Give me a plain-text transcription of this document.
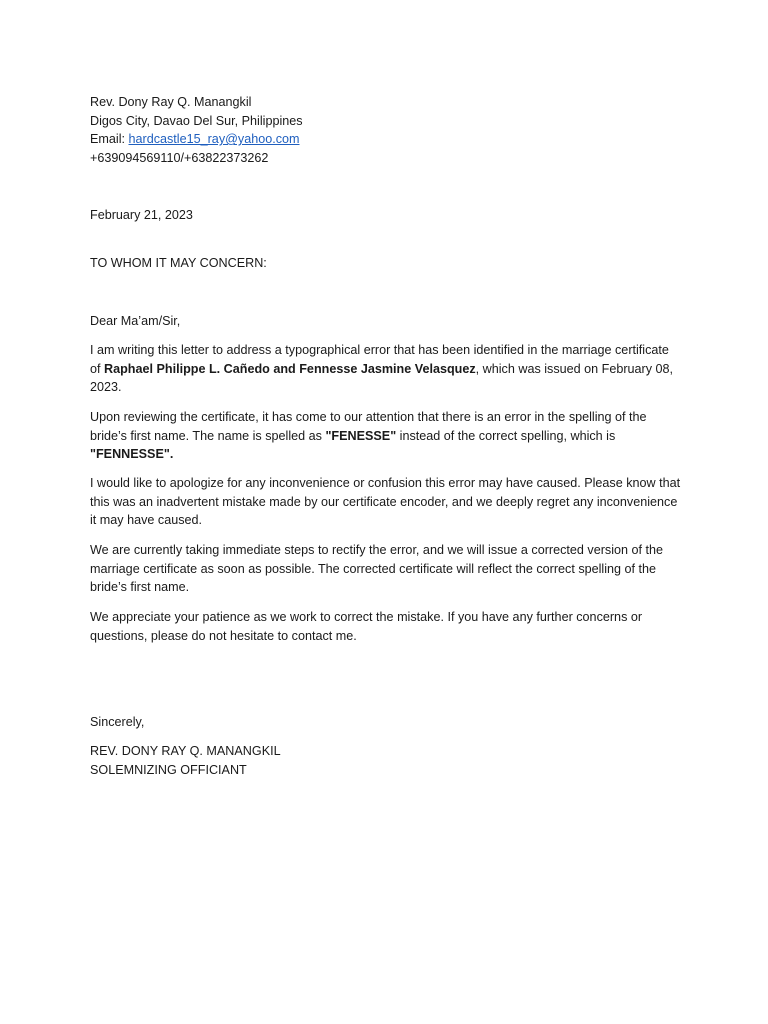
Rev. Dony Ray Q. Manangkil
Digos City, Davao Del Sur, Philippines
Email: hardcastle15_ray@yahoo.com
+639094569110/+63822373262
February 21, 2023
TO WHOM IT MAY CONCERN:
Dear Ma’am/Sir,
I am writing this letter to address a typographical error that has been identified in the marriage certificate of Raphael Philippe L. Cañedo and Fennesse Jasmine Velasquez, which was issued on February 08, 2023.
Upon reviewing the certificate, it has come to our attention that there is an error in the spelling of the bride’s first name. The name is spelled as "FENESSE" instead of the correct spelling, which is "FENNESSE".
I would like to apologize for any inconvenience or confusion this error may have caused. Please know that this was an inadvertent mistake made by our certificate encoder, and we deeply regret any inconvenience it may have caused.
We are currently taking immediate steps to rectify the error, and we will issue a corrected version of the marriage certificate as soon as possible. The corrected certificate will reflect the correct spelling of the bride’s first name.
We appreciate your patience as we work to correct the mistake. If you have any further concerns or questions, please do not hesitate to contact me.
Sincerely,
REV. DONY RAY Q. MANANGKIL
SOLEMNIZING OFFICIANT
